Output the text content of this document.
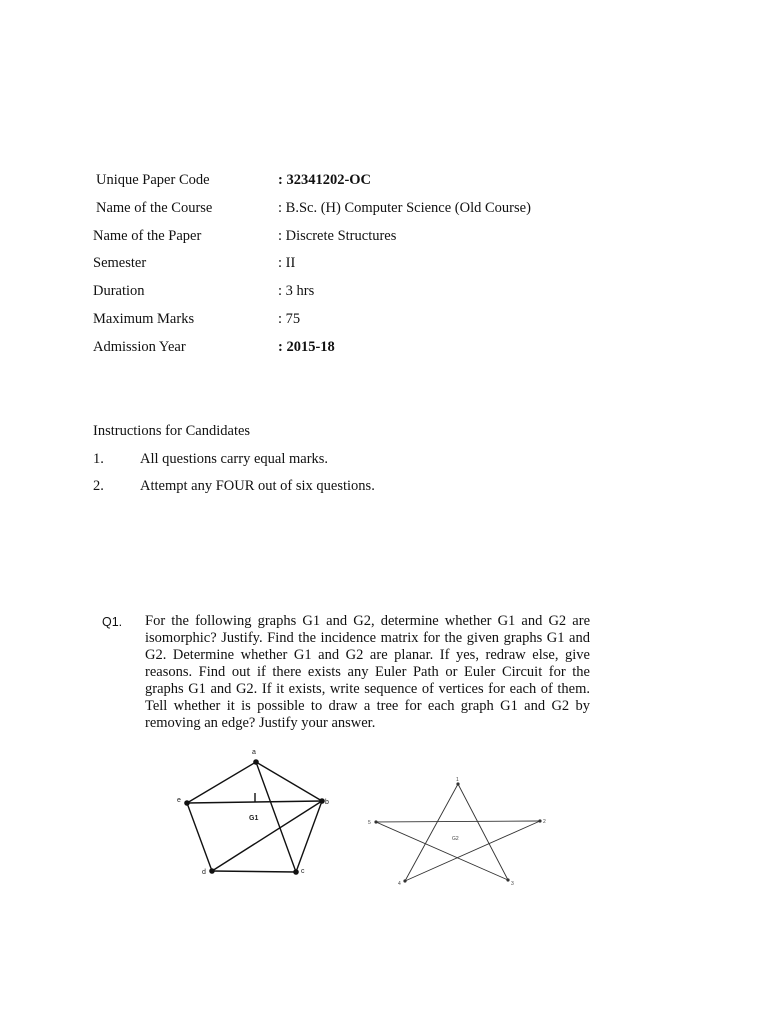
Unique Paper Code	: 32341202-OC
Name of the Course	: B.Sc. (H) Computer Science (Old Course)
Name of the Paper	: Discrete Structures
Semester	: II
Duration	: 3 hrs
Maximum Marks	: 75
Admission Year	: 2015-18
Instructions for Candidates
1. All questions carry equal marks.
2. Attempt any FOUR out of six questions.
Q1. For the following graphs G1 and G2, determine whether G1 and G2 are isomorphic? Justify. Find the incidence matrix for the given graphs G1 and G2. Determine whether G1 and G2 are planar. If yes, redraw else, give reasons. Find out if there exists any Euler Path or Euler Circuit for the graphs G1 and G2. If it exists, write sequence of vertices for each of them. Tell whether it is possible to draw a tree for each graph G1 and G2 by removing an edge? Justify your answer.
a
b
c
d
e
G1
1
2
3
4
5
G2
